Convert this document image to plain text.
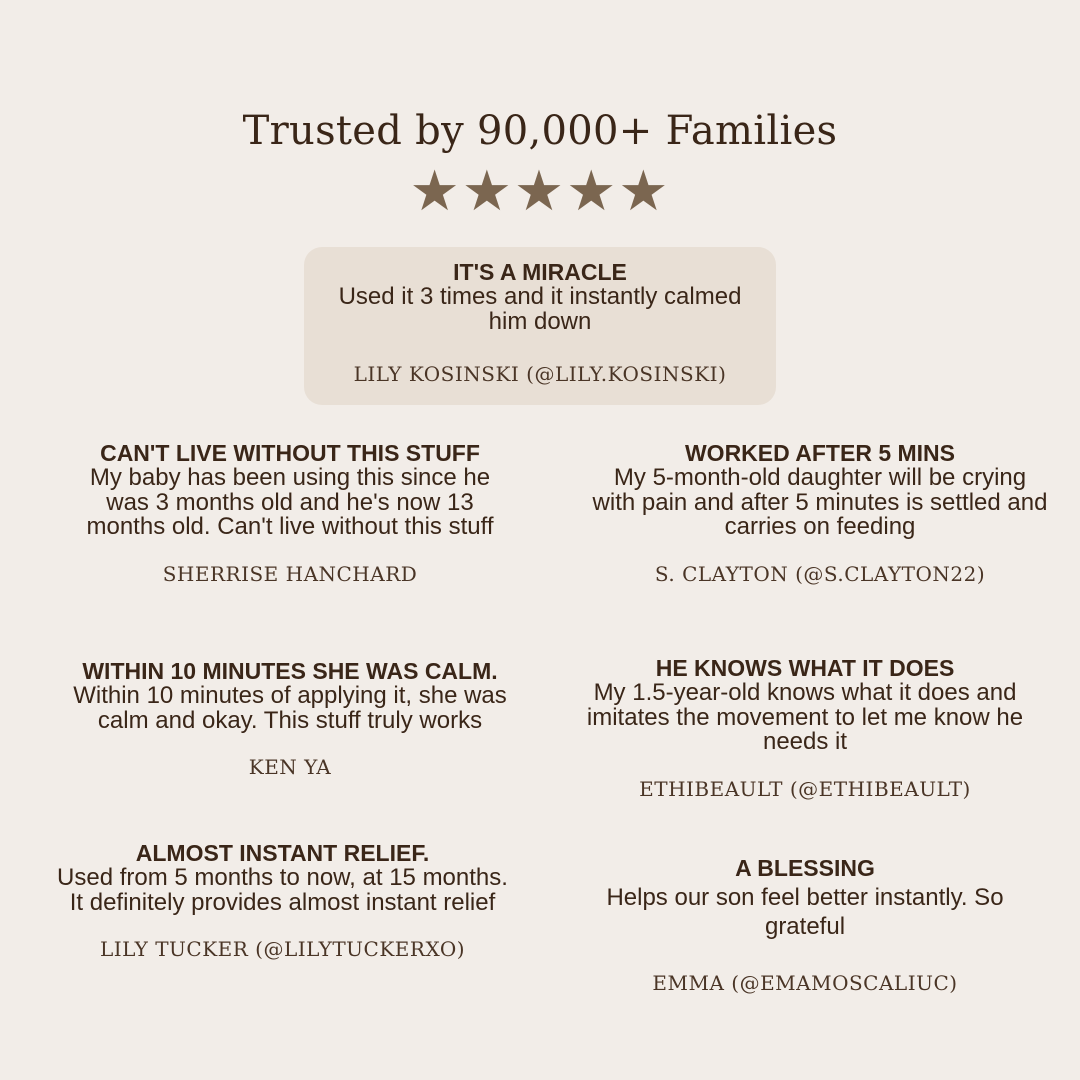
Trusted by 90,000+ Families
★★★★★
IT'S A MIRACLE
Used it 3 times and it instantly calmed him down
LILY KOSINSKI (@LILY.KOSINSKI)
CAN'T LIVE WITHOUT THIS STUFF
My baby has been using this since he was 3 months old and he's now 13 months old. Can't live without this stuff
SHERRISE HANCHARD
WORKED AFTER 5 MINS
My 5-month-old daughter will be crying with pain and after 5 minutes is settled and carries on feeding
S. CLAYTON (@S.CLAYTON22)
WITHIN 10 MINUTES SHE WAS CALM.
Within 10 minutes of applying it, she was calm and okay. This stuff truly works
KEN YA
HE KNOWS WHAT IT DOES
My 1.5-year-old knows what it does and imitates the movement to let me know he needs it
ETHIBEAULT (@ETHIBEAULT)
ALMOST INSTANT RELIEF.
Used from 5 months to now, at 15 months. It definitely provides almost instant relief
LILY TUCKER (@LILYTUCKERXO)
A BLESSING
Helps our son feel better instantly. So grateful
EMMA (@EMAMOSCALIUC)
